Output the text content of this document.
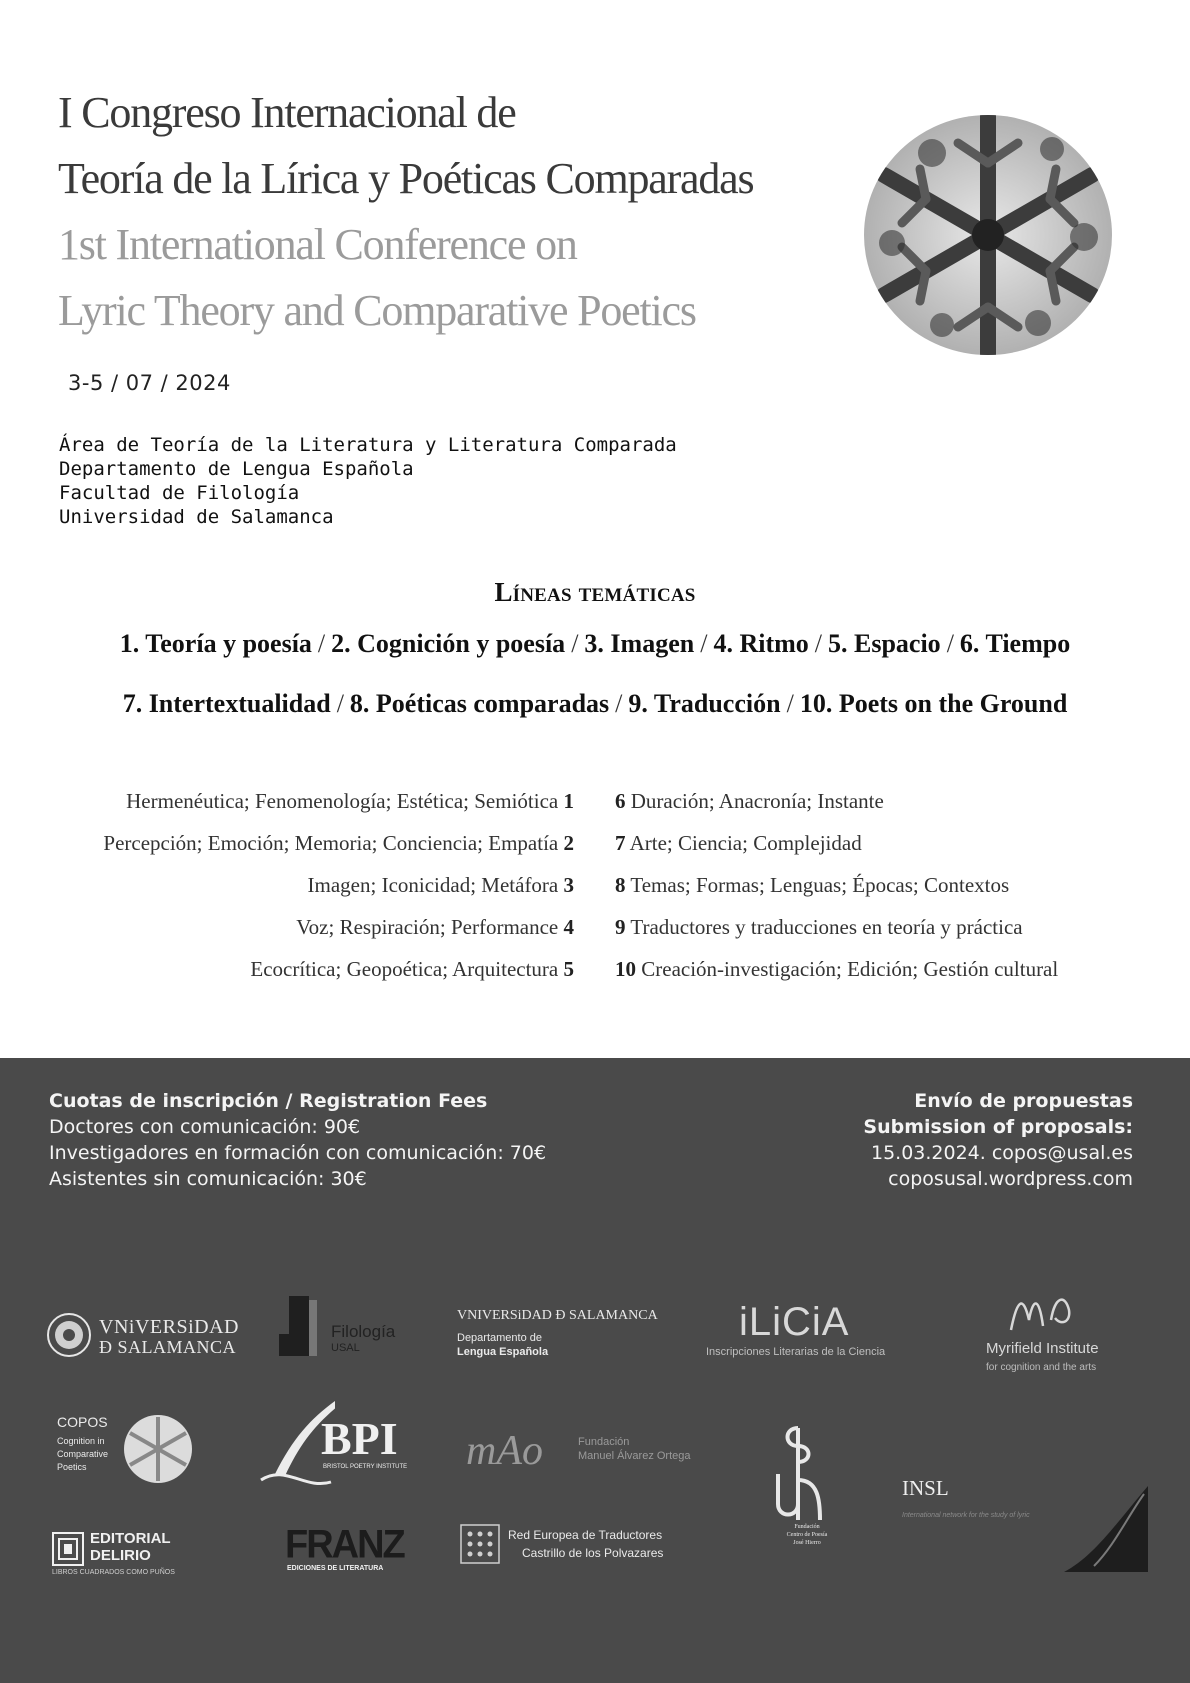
I Congreso Internacional de
Teoría de la Lírica y Poéticas Comparadas
1st International Conference on
Lyric Theory and Comparative Poetics
3-5 / 07 / 2024
Área de Teoría de la Literatura y Literatura Comparada
Departamento de Lengua Española
Facultad de Filología
Universidad de Salamanca
Líneas temáticas
1. Teoría y poesía / 2. Cognición y poesía / 3. Imagen / 4. Ritmo / 5. Espacio / 6. Tiempo
7. Intertextualidad / 8. Poéticas comparadas / 9. Traducción / 10. Poets on the Ground
Hermenéutica; Fenomenología; Estética; Semiótica 1
Percepción; Emoción; Memoria; Conciencia; Empatía 2
Imagen; Iconicidad; Metáfora 3
Voz; Respiración; Performance 4
Ecocrítica; Geopoética; Arquitectura 5
6 Duración; Anacronía; Instante
7 Arte; Ciencia; Complejidad
8 Temas; Formas; Lenguas; Épocas; Contextos
9 Traductores y traducciones en teoría y práctica
10 Creación-investigación; Edición; Gestión cultural
Cuotas de inscripción / Registration Fees
Doctores con comunicación: 90€
Investigadores en formación con comunicación: 70€
Asistentes sin comunicación: 30€
Envío de propuestas
Submission of proposals:
15.03.2024. copos@usal.es
coposusal.wordpress.com
VNiVERSiDAD
Ð SALAMANCA
Filología
USAL
VNIVERSiDAD Ð SALAMANCA
Departamento de
Lengua Española
iLiCiA
Inscripciones Literarias de la Ciencia	Myrifield Institute
for cognition and the arts
COPOS
Cognition in
Comparative
Poetics
BPI
BRISTOL POETRY INSTITUTE mAo	Fundación
Manuel Álvarez Ortega
Fundación
Centro de Poesía
José Hierro
INSL
International network for the study of lyric
EDITORIAL
DELIRIO
LIBROS CUADRADOS COMO PUÑOS
FRANZ
EDICIONES DE LITERATURA
Red Europea de Traductores
Castrillo de los Polvazares
